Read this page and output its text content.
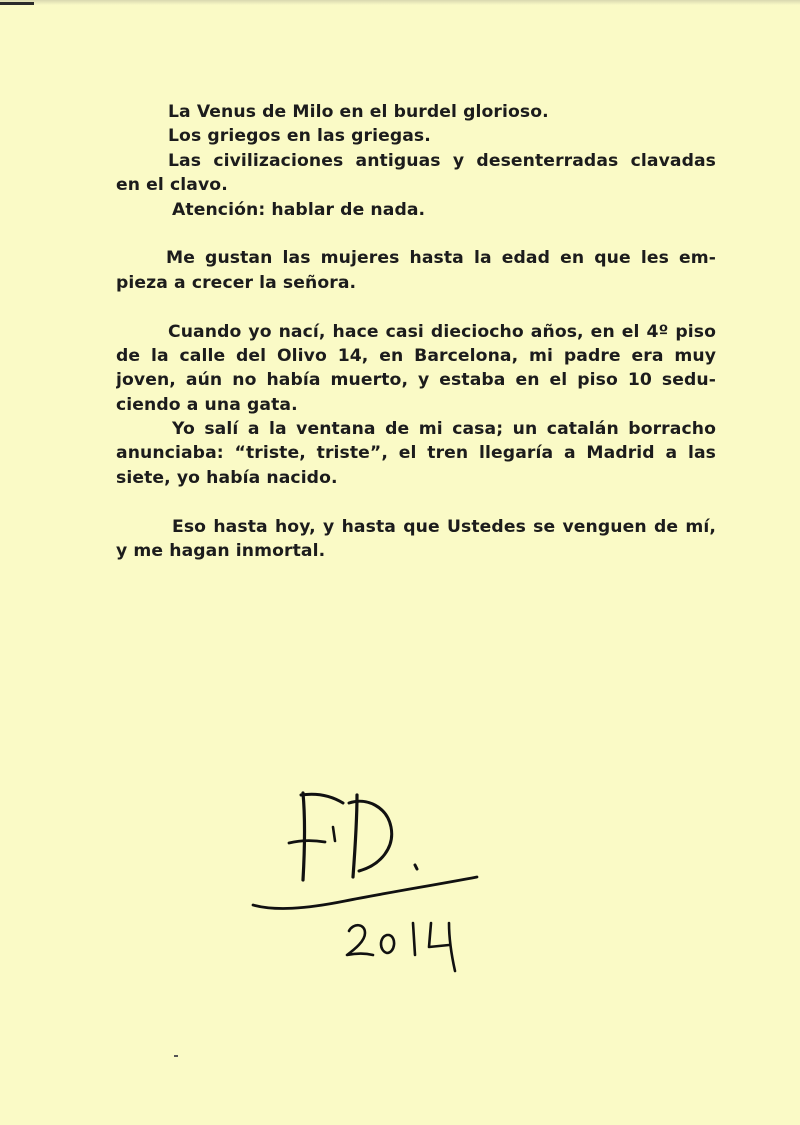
La Venus de Milo en el burdel glorioso.
Los griegos en las griegas.
Las civilizaciones antiguas y desenterradas clavadas
en el clavo.
Atención: hablar de nada.
Me gustan las mujeres hasta la edad en que les em-
pieza a crecer la señora.
Cuando yo nací, hace casi dieciocho años, en el 4º piso
de la calle del Olivo 14, en Barcelona, mi padre era muy
joven, aún no había muerto, y estaba en el piso 10 sedu-
ciendo a una gata.
Yo salí a la ventana de mi casa; un catalán borracho
anunciaba: “triste, triste”, el tren llegaría a Madrid a las
siete, yo había nacido.
Eso hasta hoy, y hasta que Ustedes se venguen de mí,
y me hagan inmortal.
